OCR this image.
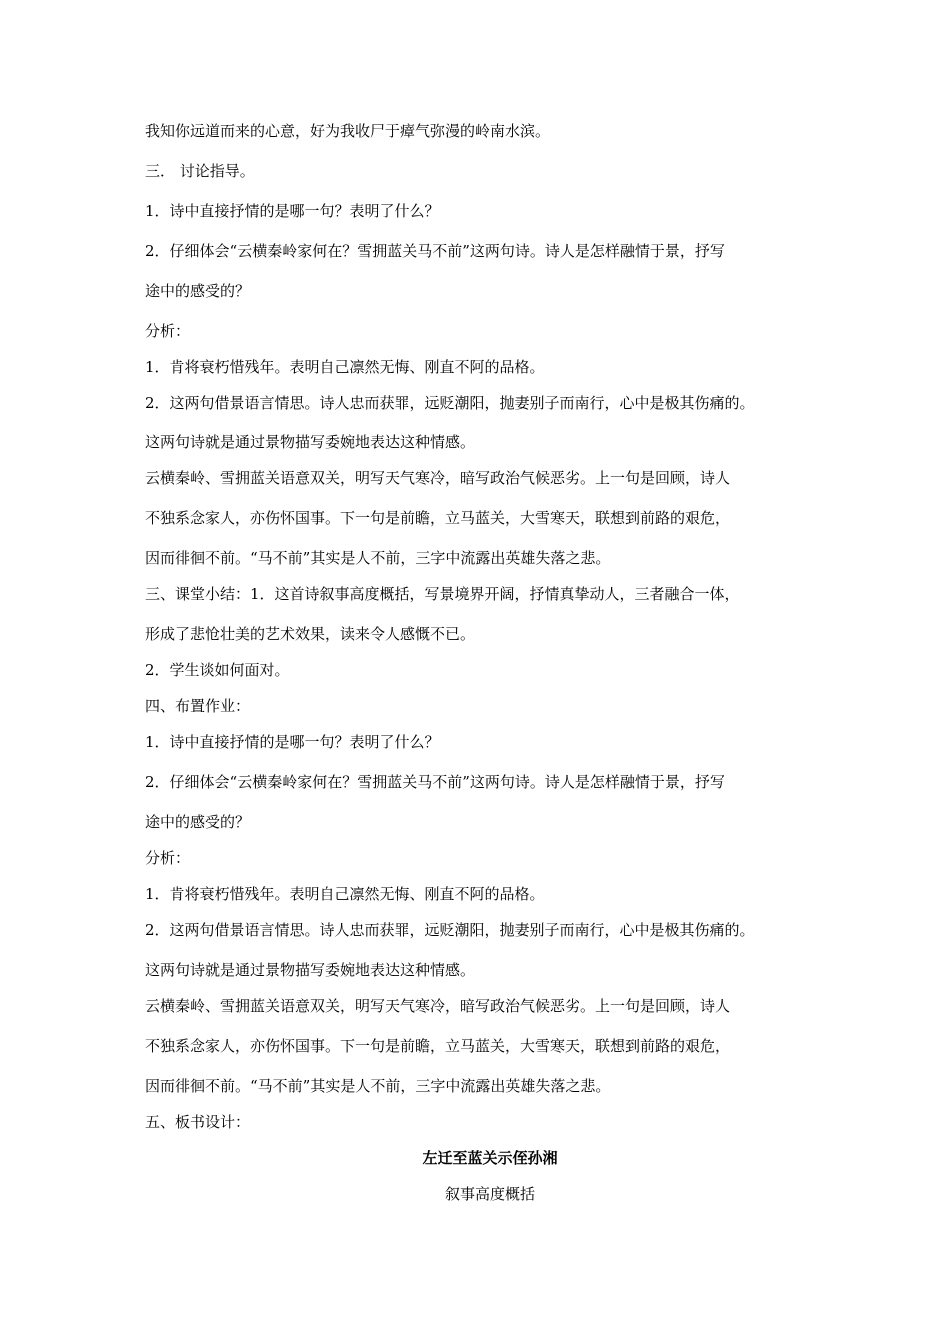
我知你远道而来的心意，好为我收尸于瘴气弥漫的岭南水滨。
三． 讨论指导。
1．诗中直接抒情的是哪一句？表明了什么？
2．仔细体会“云横秦岭家何在？雪拥蓝关马不前”这两句诗。诗人是怎样融情于景，抒写
途中的感受的？
分析：
1．肯将衰朽惜残年。表明自己凛然无悔、刚直不阿的品格。
2．这两句借景语言情思。诗人忠而获罪，远贬潮阳，抛妻别子而南行，心中是极其伤痛的。
这两句诗就是通过景物描写委婉地表达这种情感。
云横秦岭、雪拥蓝关语意双关，明写天气寒冷，暗写政治气候恶劣。上一句是回顾，诗人
不独系念家人，亦伤怀国事。下一句是前瞻，立马蓝关，大雪寒天，联想到前路的艰危，
因而徘徊不前。“马不前”其实是人不前，三字中流露出英雄失落之悲。
三、课堂小结：1．这首诗叙事高度概括，写景境界开阔，抒情真挚动人，三者融合一体，
形成了悲怆壮美的艺术效果，读来令人感慨不已。
2．学生谈如何面对。
四、布置作业：
1．诗中直接抒情的是哪一句？表明了什么？
2．仔细体会“云横秦岭家何在？雪拥蓝关马不前”这两句诗。诗人是怎样融情于景，抒写
途中的感受的？
分析：
1．肯将衰朽惜残年。表明自己凛然无悔、刚直不阿的品格。
2．这两句借景语言情思。诗人忠而获罪，远贬潮阳，抛妻别子而南行，心中是极其伤痛的。
这两句诗就是通过景物描写委婉地表达这种情感。
云横秦岭、雪拥蓝关语意双关，明写天气寒冷，暗写政治气候恶劣。上一句是回顾，诗人
不独系念家人，亦伤怀国事。下一句是前瞻，立马蓝关，大雪寒天，联想到前路的艰危，
因而徘徊不前。“马不前”其实是人不前，三字中流露出英雄失落之悲。
五、板书设计：
左迁至蓝关示侄孙湘
叙事高度概括
